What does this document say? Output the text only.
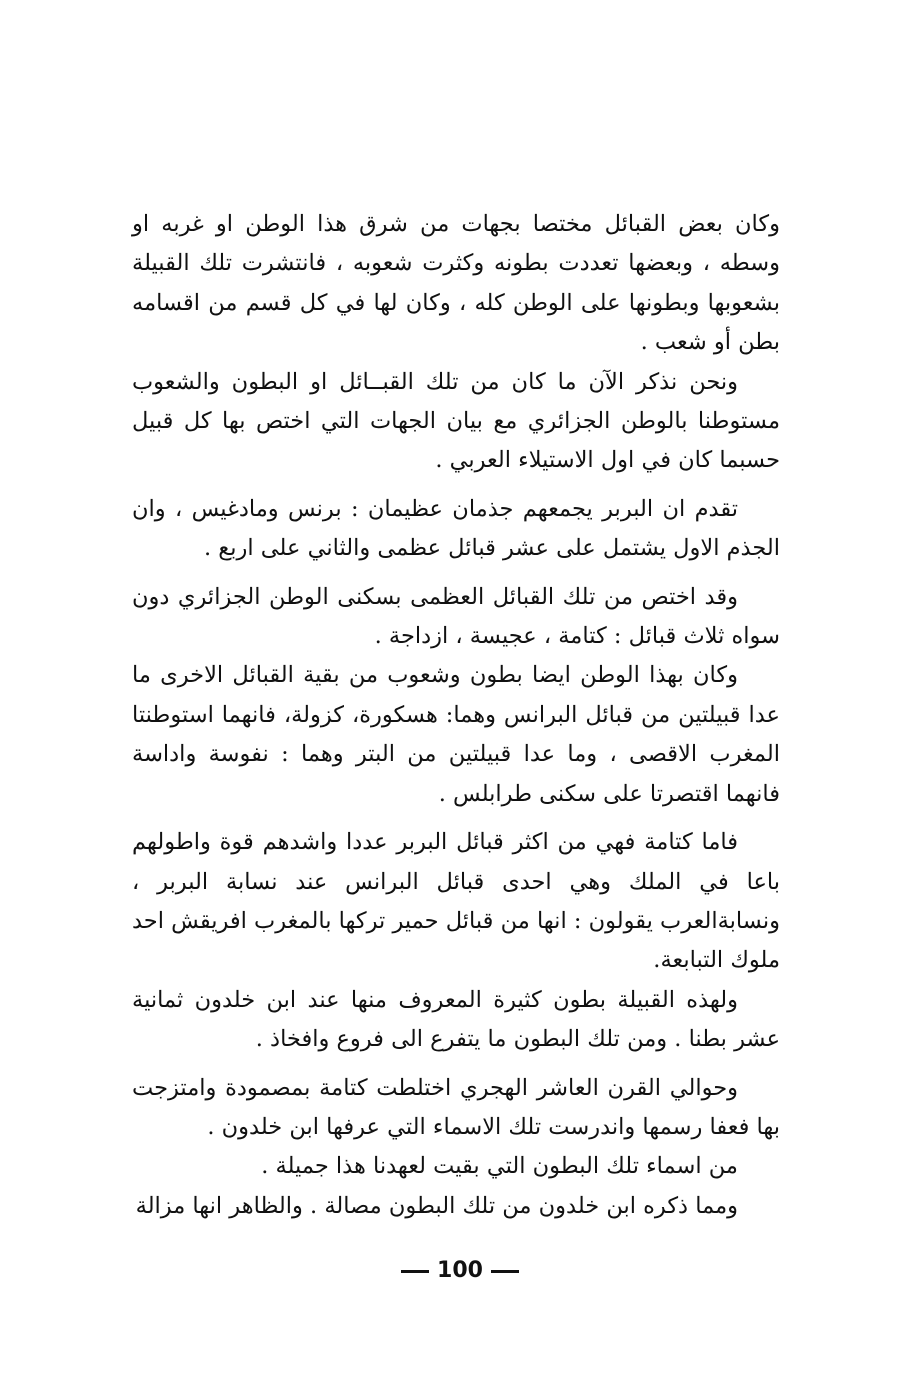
وكان بعض القبائل مختصا بجهات من شرق هذا الوطن او غربه او وسطه ، وبعضها تعددت بطونه وكثرت شعوبه ، فانتشرت تلك القبيلة بشعوبها وبطونها على الوطن كله ، وكان لها في كل قسم من اقسامه بطن أو شعب .

ونحن نذكر الآن ما كان من تلك القبــائل او البطون والشعوب مستوطنا بالوطن الجزائري مع بيان الجهات التي اختص بها كل قبيل حسبما كان في اول الاستيلاء العربي .

تقدم ان البربر يجمعهم جذمان عظيمان : برنس ومادغيس ، وان الجذم الاول يشتمل على عشر قبائل عظمى والثاني على اربع .

وقد اختص من تلك القبائل العظمى بسكنى الوطن الجزائري دون سواه ثلاث قبائل : كتامة ، عجيسة ، ازداجة .

وكان بهذا الوطن ايضا بطون وشعوب من بقية القبائل الاخرى ما عدا قبيلتين من قبائل البرانس وهما: هسكورة، كزولة، فانهما استوطنتا المغرب الاقصى ، وما عدا قبيلتين من البتر وهما : نفوسة واداسة فانهما اقتصرتا على سكنى طرابلس .

فاما كتامة فهي من اكثر قبائل البربر عددا واشدهم قوة واطولهم باعا في الملك وهي احدى قبائل البرانس عند نسابة البربر ، ونسابةالعرب يقولون : انها من قبائل حمير تركها بالمغرب افريقش احد ملوك التبابعة.

ولهذه القبيلة بطون كثيرة المعروف منها عند ابن خلدون ثمانية عشر بطنا . ومن تلك البطون ما يتفرع الى فروع وافخاذ .

وحوالي القرن العاشر الهجري اختلطت كتامة بمصمودة وامتزجت بها فعفا رسمها واندرست تلك الاسماء التي عرفها ابن خلدون .

من اسماء تلك البطون التي بقيت لعهدنا هذا جميلة .

ومما ذكره ابن خلدون من تلك البطون مصالة . والظاهر انها مزالة

100
